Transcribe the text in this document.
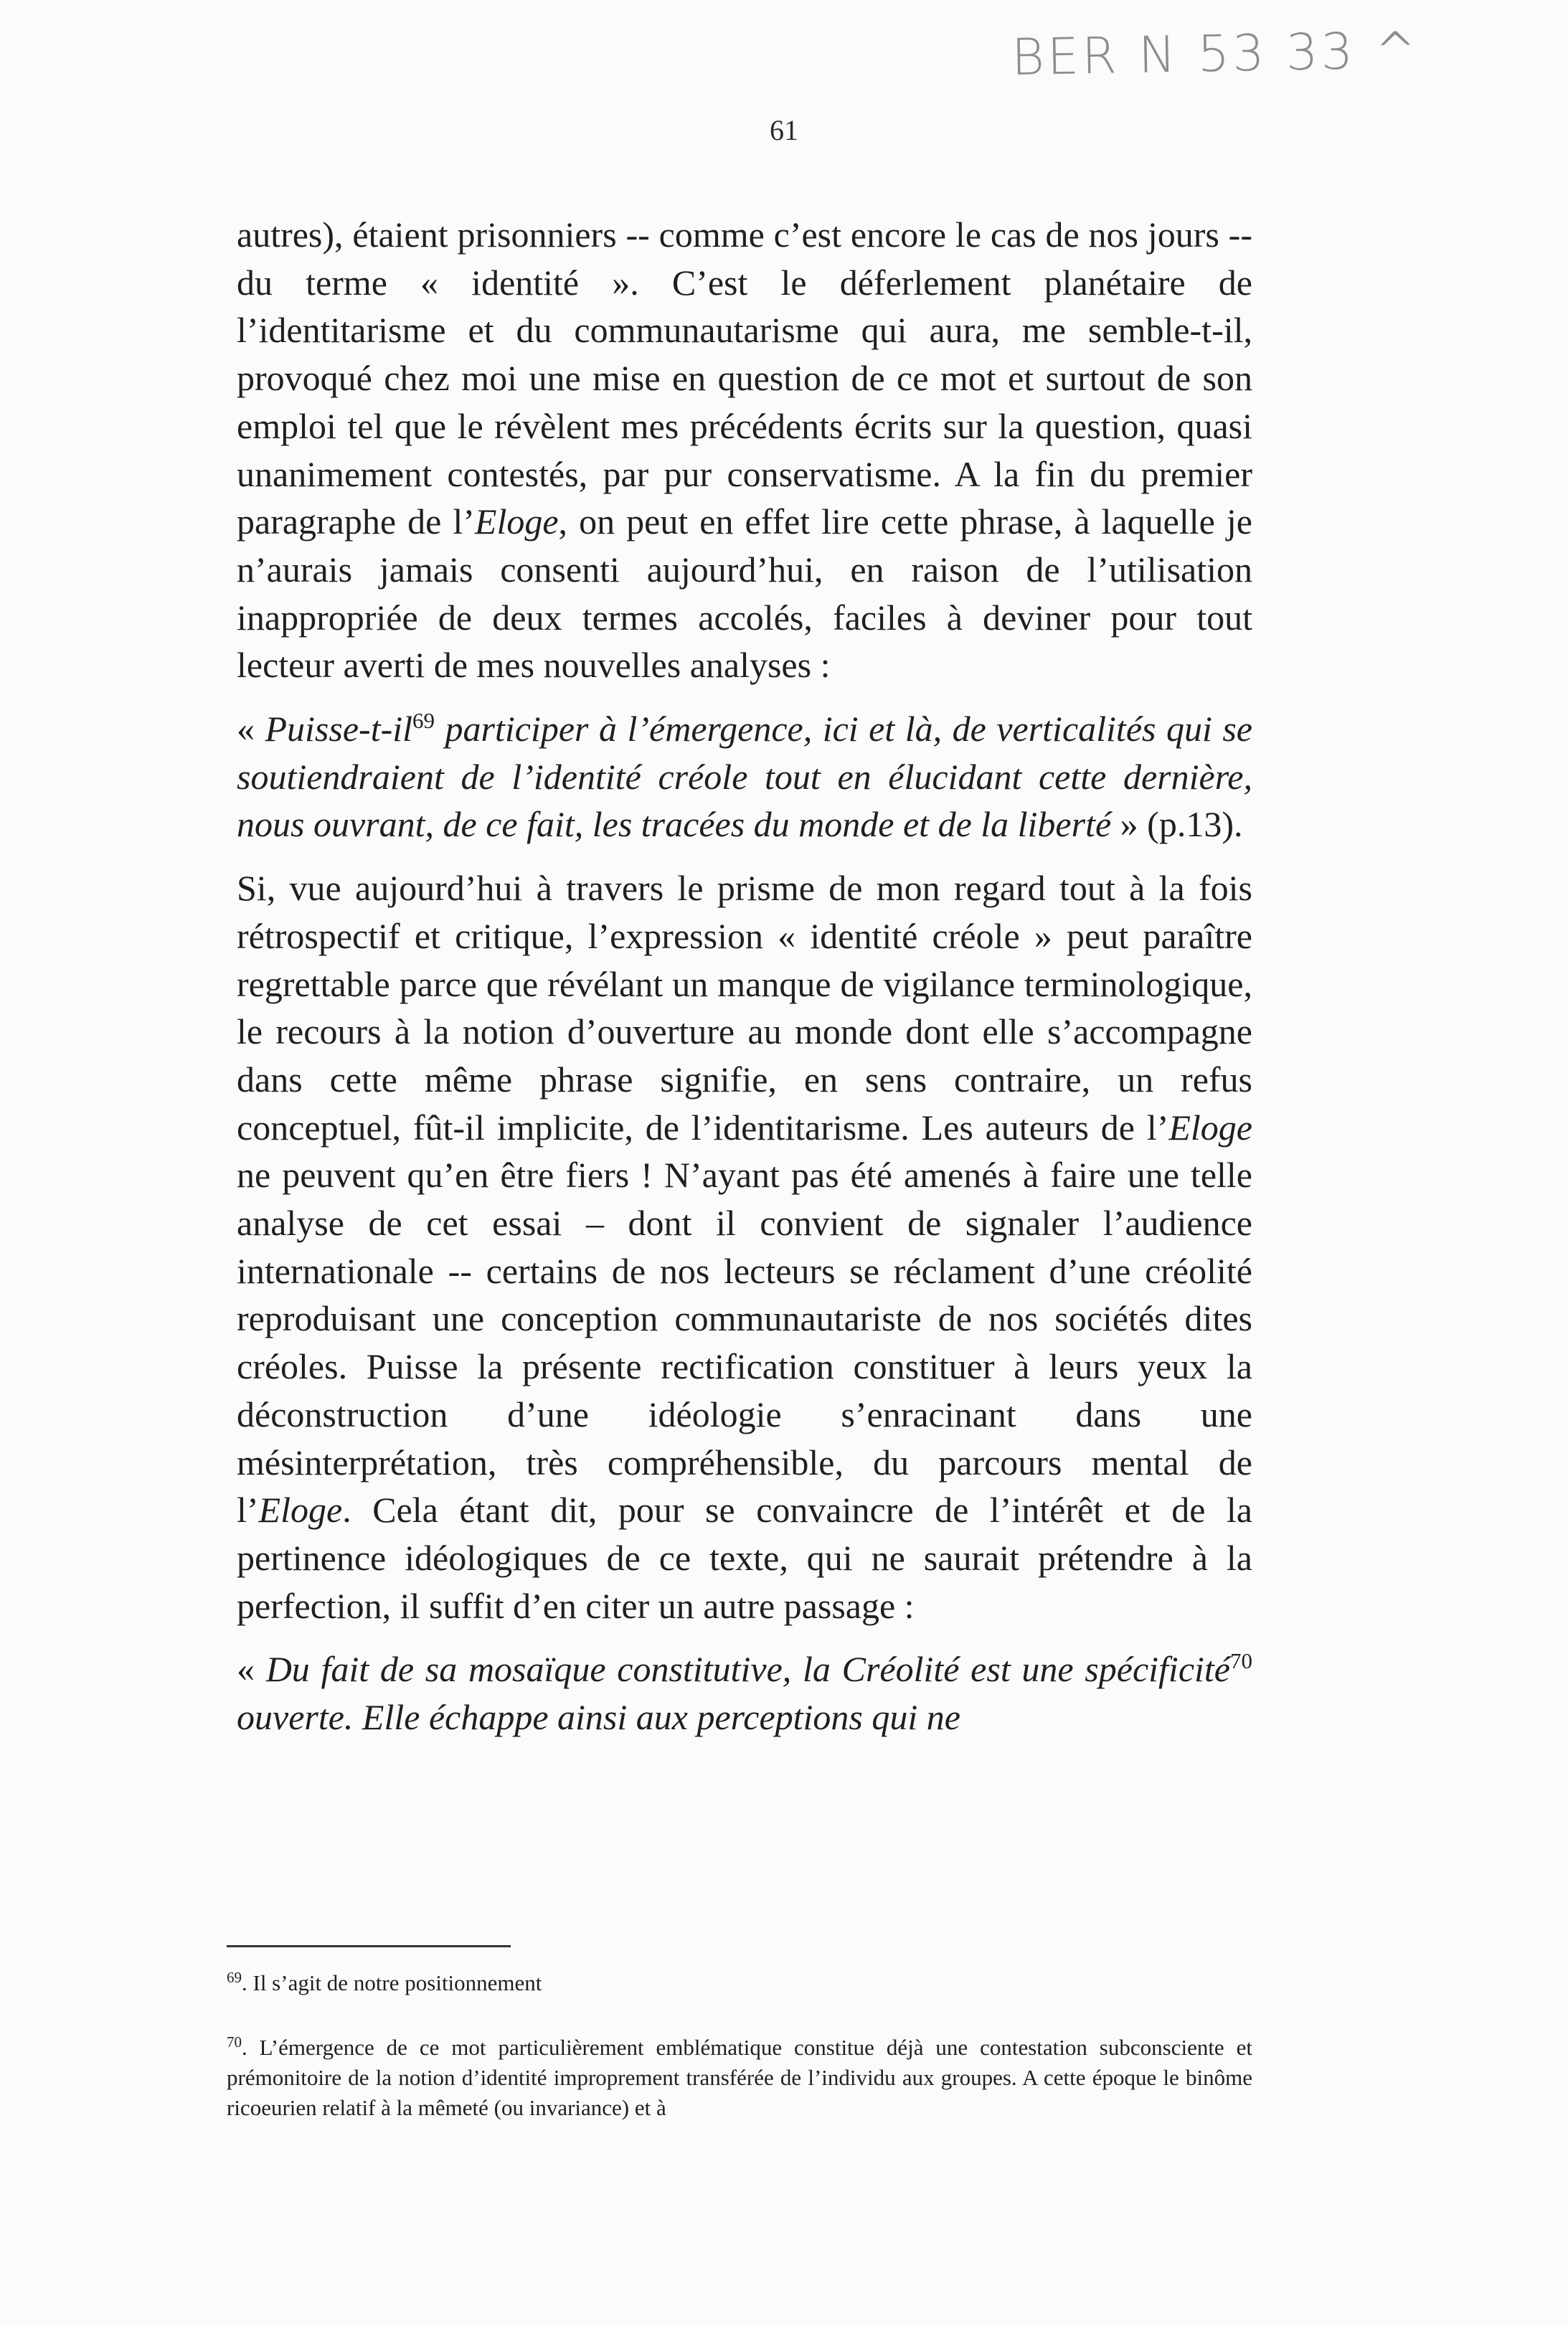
BER N 53 33 ^
61

autres), étaient prisonniers -- comme c’est encore le cas de nos jours -- du terme « identité ». C’est le déferlement planétaire de l’identitarisme et du communautarisme qui aura, me semble-t-il, provoqué chez moi une mise en question de ce mot et surtout de son emploi tel que le révèlent mes précédents écrits sur la question, quasi unanimement contestés, par pur conservatisme. A la fin du premier paragraphe de l’Eloge, on peut en effet lire cette phrase, à laquelle je n’aurais jamais consenti aujourd’hui, en raison de l’utilisation inappropriée de deux termes accolés, faciles à deviner pour tout lecteur averti de mes nouvelles analyses :

« Puisse-$t-il^{69}$ participer à l’émergence, ici et là, de verticalités qui se soutiendraient de l’identité créole tout en élucidant cette dernière, nous ouvrant, de ce fait, les tracées du monde et de la liberté » (p.13).

Si, vue aujourd’hui à travers le prisme de mon regard tout à la fois rétrospectif et critique, l’expression « identité créole » peut paraître regrettable parce que révélant un manque de vigilance terminologique, le recours à la notion d’ouverture au monde dont elle s’accompagne dans cette même phrase signifie, en sens contraire, un refus conceptuel, fût-il implicite, de l’identitarisme. Les auteurs de l’Eloge ne peuvent qu’en être fiers ! N’ayant pas été amenés à faire une telle analyse de cet essai – dont il convient de signaler l’audience internationale -- certains de nos lecteurs se réclament d’une créolité reproduisant une conception communautariste de nos sociétés dites créoles. Puisse la présente rectification constituer à leurs yeux la déconstruction d’une idéologie s’enracinant dans une mésinterprétation, très compréhensible, du parcours mental de l’Eloge. Cela étant dit, pour se convaincre de l’intérêt et de la pertinence idéologiques de ce texte, qui ne saurait prétendre à la perfection, il suffit d’en citer un autre passage :

« Du fait de sa mosaïque constitutive, la Créolité est une spécificité$^{70}$ ouverte. Elle échappe ainsi aux perceptions qui ne

$^{69}$. Il s’agit de notre positionnement

$^{70}$. L’émergence de ce mot particulièrement emblématique constitue déjà une contestation subconsciente et prémonitoire de la notion d’identité improprement transférée de l’individu aux groupes. A cette époque le binôme ricoeurien relatif à la mêmeté (ou invariance) et à
